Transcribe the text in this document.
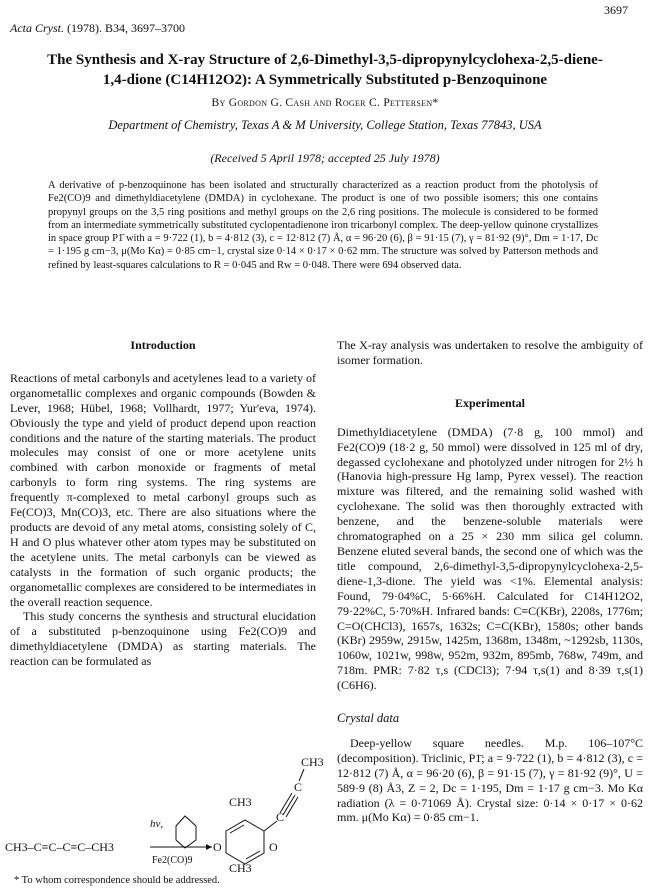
3697
Acta Cryst. (1978). B34, 3697–3700
The Synthesis and X-ray Structure of 2,6-Dimethyl-3,5-dipropynylcyclohexa-2,5-diene-
1,4-dione (C14H12O2): A Symmetrically Substituted p-Benzoquinone
By Gordon G. Cash and Roger C. Pettersen*
Department of Chemistry, Texas A & M University, College Station, Texas 77843, USA
(Received 5 April 1978; accepted 25 July 1978)

A derivative of p-benzoquinone has been isolated and structurally characterized as a reaction product from the photolysis of Fe2(CO)9 and dimethyldiacetylene (DMDA) in cyclohexane. The product is one of two possible isomers; this one contains propynyl groups on the 3,5 ring positions and methyl groups on the 2,6 ring positions. The molecule is considered to be formed from an intermediate symmetrically substituted cyclopentadienone iron tricarbonyl complex. The deep-yellow quinone crystallizes in space group P1̄ with a = 9·722 (1), b = 4·812 (3), c = 12·812 (7) Å, α = 96·20 (6), β = 91·15 (7), γ = 81·92 (9)°, Dm = 1·17, Dc = 1·195 g cm−3, μ(Mo Kα) = 0·85 cm−1, crystal size 0·14 × 0·17 × 0·62 mm. The structure was solved by Patterson methods and refined by least-squares calculations to R = 0·045 and Rw = 0·048. There were 694 observed data.

Introduction

Reactions of metal carbonyls and acetylenes lead to a variety of organometallic complexes and organic compounds (Bowden & Lever, 1968; Hübel, 1968; Vollhardt, 1977; Yur'eva, 1974). Obviously the type and yield of product depend upon reaction conditions and the nature of the starting materials. The product molecules may consist of one or more acetylene units combined with carbon monoxide or fragments of metal carbonyls to form ring systems. The ring systems are frequently π-complexed to metal carbonyl groups such as Fe(CO)3, Mn(CO)3, etc. There are also situations where the products are devoid of any metal atoms, consisting solely of C, H and O plus whatever other atom types may be substituted on the acetylene units. The metal carbonyls can be viewed as catalysts in the formation of such organic products; the organometallic complexes are considered to be intermediates in the overall reaction sequence.

This study concerns the synthesis and structural elucidation of a substituted p-benzoquinone using Fe2(CO)9 and dimethyldiacetylene (DMDA) as starting materials. The reaction can be formulated as

CH3–C≡C–C≡C–CH3
hν,
Fe2(CO)9
O	O
CH3
CH3
C
C
CH3
* To whom correspondence should be addressed.

The X-ray analysis was undertaken to resolve the ambiguity of isomer formation.

Experimental

Dimethyldiacetylene (DMDA) (7·8 g, 100 mmol) and Fe2(CO)9 (18·2 g, 50 mmol) were dissolved in 125 ml of dry, degassed cyclohexane and photolyzed under nitrogen for 2½ h (Hanovia high-pressure Hg lamp, Pyrex vessel). The reaction mixture was filtered, and the remaining solid washed with cyclohexane. The solid was then thoroughly extracted with benzene, and the benzene-soluble materials were chromatographed on a 25 × 230 mm silica gel column. Benzene eluted several bands, the second one of which was the title compound, 2,6-dimethyl-3,5-dipropynylcyclohexa-2,5-diene-1,3-dione. The yield was <1%. Elemental analysis: Found, 79·04%C, 5·66%H. Calculated for C14H12O2, 79·22%C, 5·70%H. Infrared bands: C≡C(KBr), 2208s, 1776m; C=O(CHCl3), 1657s, 1632s; C=C(KBr), 1580s; other bands (KBr) 2959w, 2915w, 1425m, 1368m, 1348m, ~1292sb, 1130s, 1060w, 1021w, 998w, 952m, 932m, 895mb, 768w, 749m, and 718m. PMR: 7·82 τ,s (CDCl3); 7·94 τ,s(1) and 8·39 τ,s(1) (C6H6).

Crystal data

Deep-yellow square needles. M.p. 106–107°C (decomposition). Triclinic, P1̄; a = 9·722 (1), b = 4·812 (3), c = 12·812 (7) Å, α = 96·20 (6), β = 91·15 (7), γ = 81·92 (9)°, U = 589·9 (8) Å3, Z = 2, Dc = 1·195, Dm = 1·17 g cm−3. Mo Kα radiation (λ = 0·71069 Å). Crystal size: 0·14 × 0·17 × 0·62 mm. μ(Mo Kα) = 0·85 cm−1.
